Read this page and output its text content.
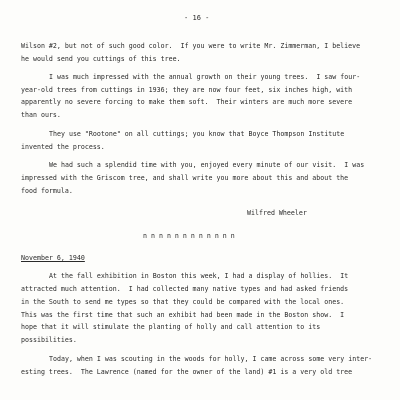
- 16 -
Wilson #2, but not of such good color.  If you were to write Mr. Zimmerman, I believe
he would send you cuttings of this tree.
I was much impressed with the annual growth on their young trees.  I saw four-
year-old trees from cuttings in 1936; they are now four feet, six inches high, with
apparently no severe forcing to make them soft.  Their winters are much more severe
than ours.
They use "Rootone" on all cuttings; you know that Boyce Thompson Institute
invented the process.
We had such a splendid time with you, enjoyed every minute of our visit.  I was
impressed with the Griscom tree, and shall write you more about this and about the
food formula.
Wilfred Wheeler
n n n n n n n n n n n n
November 6, 1940
At the fall exhibition in Boston this week, I had a display of hollies.  It
attracted much attention.  I had collected many native types and had asked friends
in the South to send me types so that they could be compared with the local ones.
This was the first time that such an exhibit had been made in the Boston show.  I
hope that it will stimulate the planting of holly and call attention to its
possibilities.
Today, when I was scouting in the woods for holly, I came across some very inter-
esting trees.  The Lawrence (named for the owner of the land) #1 is a very old tree
